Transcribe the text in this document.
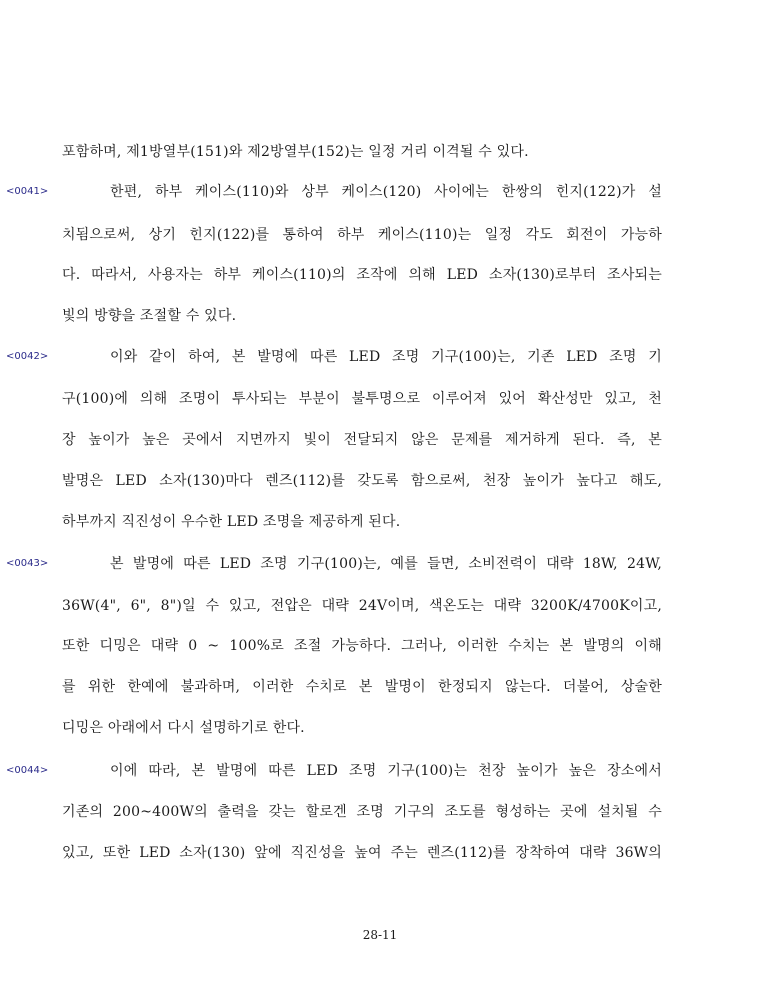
포함하며, 제1방열부(151)와 제2방열부(152)는 일정 거리 이격될 수 있다.
<0041>	한편, 하부 케이스(110)와 상부 케이스(120) 사이에는 한쌍의 힌지(122)가 설
치됨으로써, 상기 힌지(122)를 통하여 하부 케이스(110)는 일정 각도 회전이 가능하
다. 따라서, 사용자는 하부 케이스(110)의 조작에 의해 LED 소자(130)로부터 조사되는
빛의 방향을 조절할 수 있다.
<0042>	이와 같이 하여, 본 발명에 따른 LED 조명 기구(100)는, 기존 LED 조명 기
구(100)에 의해 조명이 투사되는 부분이 불투명으로 이루어져 있어 확산성만 있고, 천
장 높이가 높은 곳에서 지면까지 빛이 전달되지 않은 문제를 제거하게 된다. 즉, 본
발명은 LED 소자(130)마다 렌즈(112)를 갖도록 함으로써, 천장 높이가 높다고 해도,
하부까지 직진성이 우수한 LED 조명을 제공하게 된다.
<0043>	본 발명에 따른 LED 조명 기구(100)는, 예를 들면, 소비전력이 대략 18W, 24W,
36W(4", 6", 8")일 수 있고, 전압은 대략 24V이며, 색온도는 대략 3200K/4700K이고,
또한 디밍은 대략 0 ~ 100%로 조절 가능하다. 그러나, 이러한 수치는 본 발명의 이해
를 위한 한예에 불과하며, 이러한 수치로 본 발명이 한정되지 않는다. 더불어, 상술한
디밍은 아래에서 다시 설명하기로 한다.
<0044>	이에 따라, 본 발명에 따른 LED 조명 기구(100)는 천장 높이가 높은 장소에서
기존의 200~400W의 출력을 갖는 할로겐 조명 기구의 조도를 형성하는 곳에 설치될 수
있고, 또한 LED 소자(130) 앞에 직진성을 높여 주는 렌즈(112)를 장착하여 대략 36W의
28-11
